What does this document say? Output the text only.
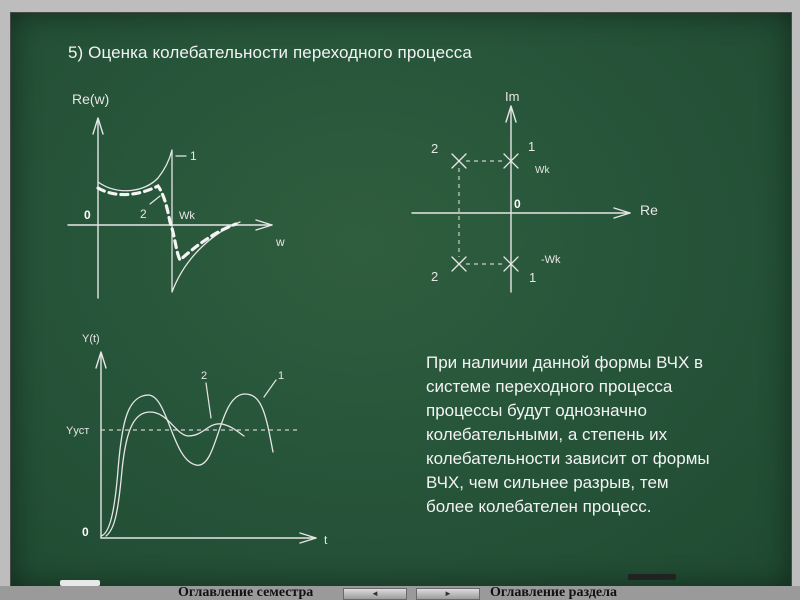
5) Оценка колебательности переходного процесса
Re(w)
w
0
1
2	Wk
2	1
Wk
2	1
-Wk
Im
Re
0
Y(t)
t
0
Yуст
1
2
При наличии данной формы ВЧХ в
системе переходного процесса
процессы будут однозначно
колебательными, а степень их
колебательности зависит от формы
ВЧХ, чем сильнее разрыв, тем
более колебателен процесс.
Оглавление семестра	◄	►	Оглавление раздела
